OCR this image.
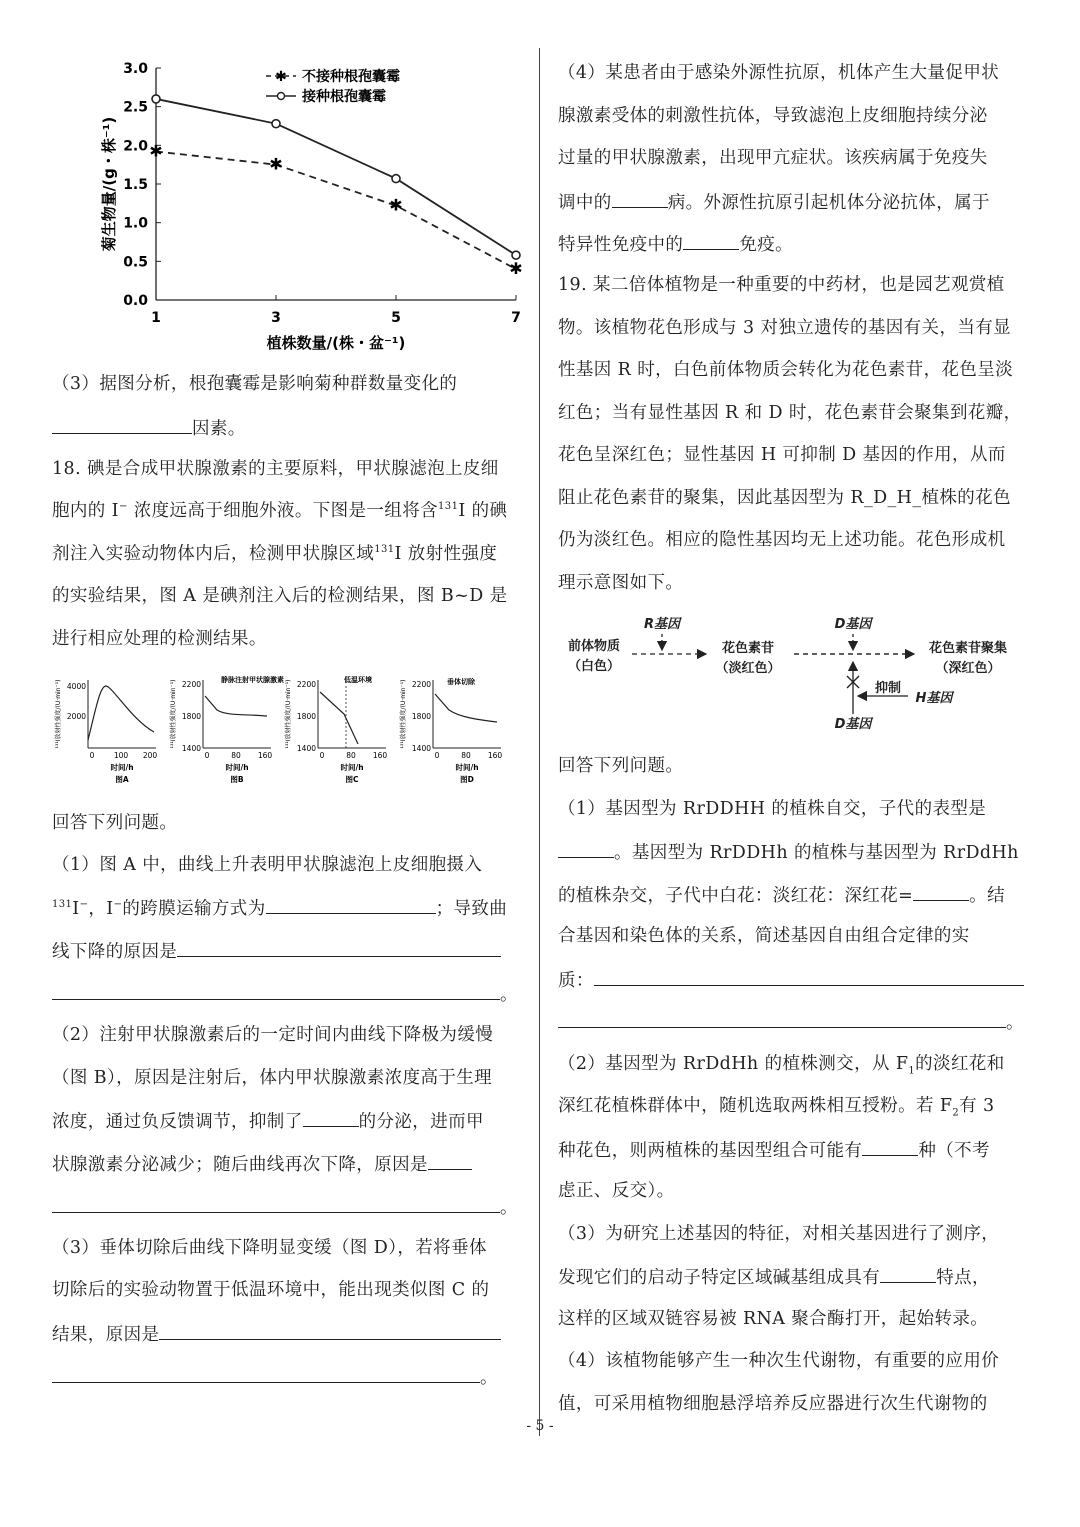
0.0
0.5
1.0
1.5
2.0
2.5
3.0
1	3	5	7
植株数量/(株・盆⁻¹)
菊生物量/(g・株⁻¹) ✱
✱
✱
✱
✱ 不接种根孢囊霉
接种根孢囊霉
（3）据图分析，根孢囊霉是影响菊种群数量变化的
因素。
18. 碘是合成甲状腺激素的主要原料，甲状腺滤泡上皮细
胞内的 I− 浓度远高于细胞外液。下图是一组将含$^{131}$I 的碘
剂注入实验动物体内后，检测甲状腺区域$^{131}$I 放射性强度
的实验结果，图 A 是碘剂注入后的检测结果，图 B~D 是
进行相应处理的检测结果。
¹³¹I放射性强度/(U·min⁻¹) 4000
2000
0	100 200
时间/h
图A
¹³¹I放射性强度/(U·min⁻¹) 2200
1800
1400
0	80 160
时间/h
图B
静脉注射甲状腺激素 ¹³¹I放射性强度/(U·min⁻¹) 2200
1800
1400
0	80 160
时间/h
图C
低温环境	¹³¹I放射性强度/(U·min⁻¹) 2200
1800
1400
0	80 160
时间/h
图D
垂体切除
回答下列问题。
（1）图 A 中，曲线上升表明甲状腺滤泡上皮细胞摄入
$^{131}$I−，I−的跨膜运输方式为	；导致曲
线下降的原因是
。
（2）注射甲状腺激素后的一定时间内曲线下降极为缓慢
（图 B），原因是注射后，体内甲状腺激素浓度高于生理
浓度，通过负反馈调节，抑制了	的分泌，进而甲
状腺激素分泌减少；随后曲线再次下降，原因是
。
（3）垂体切除后曲线下降明显变缓（图 D），若将垂体
切除后的实验动物置于低温环境中，能出现类似图 C 的
结果，原因是
。
（4）某患者由于感染外源性抗原，机体产生大量促甲状
腺激素受体的刺激性抗体，导致滤泡上皮细胞持续分泌
过量的甲状腺激素，出现甲亢症状。该疾病属于免疫失
调中的	病。外源性抗原引起机体分泌抗体，属于
特异性免疫中的	免疫。
19. 某二倍体植物是一种重要的中药材，也是园艺观赏植
物。该植物花色形成与 3 对独立遗传的基因有关，当有显
性基因 R 时，白色前体物质会转化为花色素苷，花色呈淡
红色；当有显性基因 R 和 D 时，花色素苷会聚集到花瓣，
花色呈深红色；显性基因 H 可抑制 D 基因的作用，从而
阻止花色素苷的聚集，因此基因型为 R_D_H_植株的花色
仍为淡红色。相应的隐性基因均无上述功能。花色形成机
理示意图如下。
前体物质
（白色）
R基因
花色素苷
（淡红色）
D基因
花色素苷聚集
（深红色）
抑制
H基因
D基因
回答下列问题。
（1）基因型为 RrDDHH 的植株自交，子代的表型是
。基因型为 RrDDHh 的植株与基因型为 RrDdHh
的植株杂交，子代中白花：淡红花：深红花=	。结
合基因和染色体的关系，简述基因自由组合定律的实
质：
。
（2）基因型为 RrDdHh 的植株测交，从 $F_1$的淡红花和
深红花植株群体中，随机选取两株相互授粉。若 $F_2$有 3
种花色，则两植株的基因型组合可能有	种（不考
虑正、反交）。
（3）为研究上述基因的特征，对相关基因进行了测序，
发现它们的启动子特定区域碱基组成具有	特点，
这样的区域双链容易被 RNA 聚合酶打开，起始转录。
（4）该植物能够产生一种次生代谢物，有重要的应用价
值，可采用植物细胞悬浮培养反应器进行次生代谢物的
- 5 -
